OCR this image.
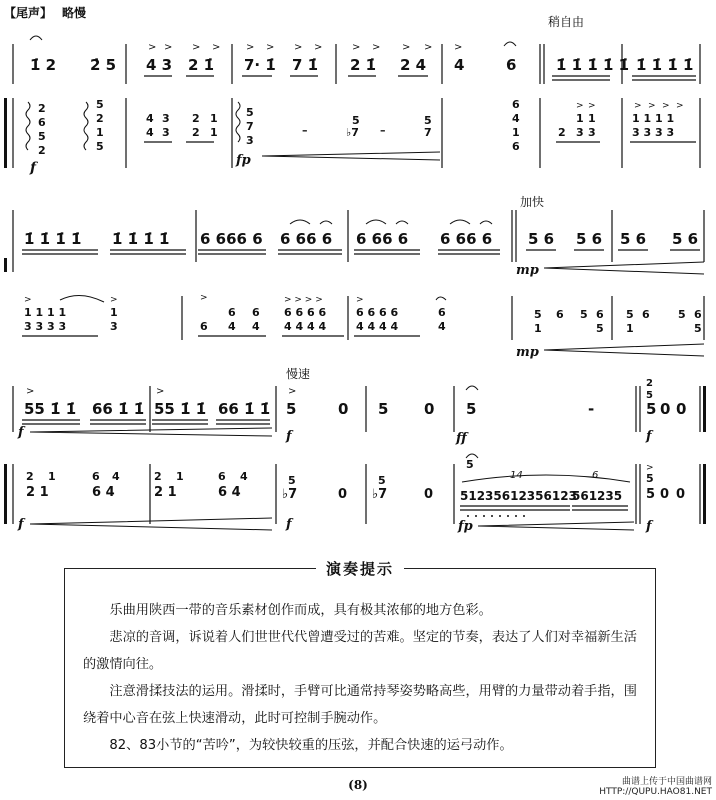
【尾声】 略慢
稍自由
1̇ 2 2̇ 5 4 3 2 1̇ 7· 1̇ 7 1̇ 2 1̇ 2 4 4	6	1̇ 1̇ 1̇ 1̇ 1̇ 1̇ 1̇ 1̇ 1̇
> > > >	> > > >	> > > > >
2
6
5
2
5
2
1
5
4 3
4 3
2 1
2 1
5
7
3
–
5
♭7 –
5
7
6
4
1
6
2 3 3
1 1	1 1 1 1
3 3 3 3
> >	> > > >
f	fp
加快
1̇ 1̇ 1̇ 1̇ 1̇ 1̇ 1̇ 1̇ 6 666 6 6 66 6 6 66 6 6 66 6 5 6 5 6 5 6 5 6
mp
1 1 1 1
3 3 3 3
1
3	6
6 6
4 4
6 6 6 6
4 4 4 4
6 6 6 6
4 4 4 4
6
4
5 6
1
5 6
5
5 6
1
5 6
5
>	>	>	> > > >	>
mp
慢速
55 1̇ 1̇ 66 1̇ 1̇ 55 1̇ 1̇ 66 1̇ 1̇ 5	0 5 0 5	-	5 0 0
>	>	>
2
5
f	f	ff	f
2 1	6 4	2 1	6 4	♭7	0 ♭7	0 51235612356123
561235 5 0 0
2 1	6 4	2 1	6 4	5	5
5
5
>
14	6
f	f	fp	f
演奏提示

乐曲用陕西一带的音乐素材创作而成，具有极其浓郁的地方色彩。

悲凉的音调，诉说着人们世世代代曾遭受过的苦难。坚定的节奏，表达了人们对幸福新生活的激情向往。

注意滑揉技法的运用。滑揉时，手臂可比通常持琴姿势略高些，用臂的力量带动着手指，围绕着中心音在弦上快速滑动，此时可控制手腕动作。

82、83小节的“苦吟”，为较快较重的压弦，并配合快速的运弓动作。

(8)	曲谱上传于中国曲谱网
HTTP://QUPU.HAO81.NET
